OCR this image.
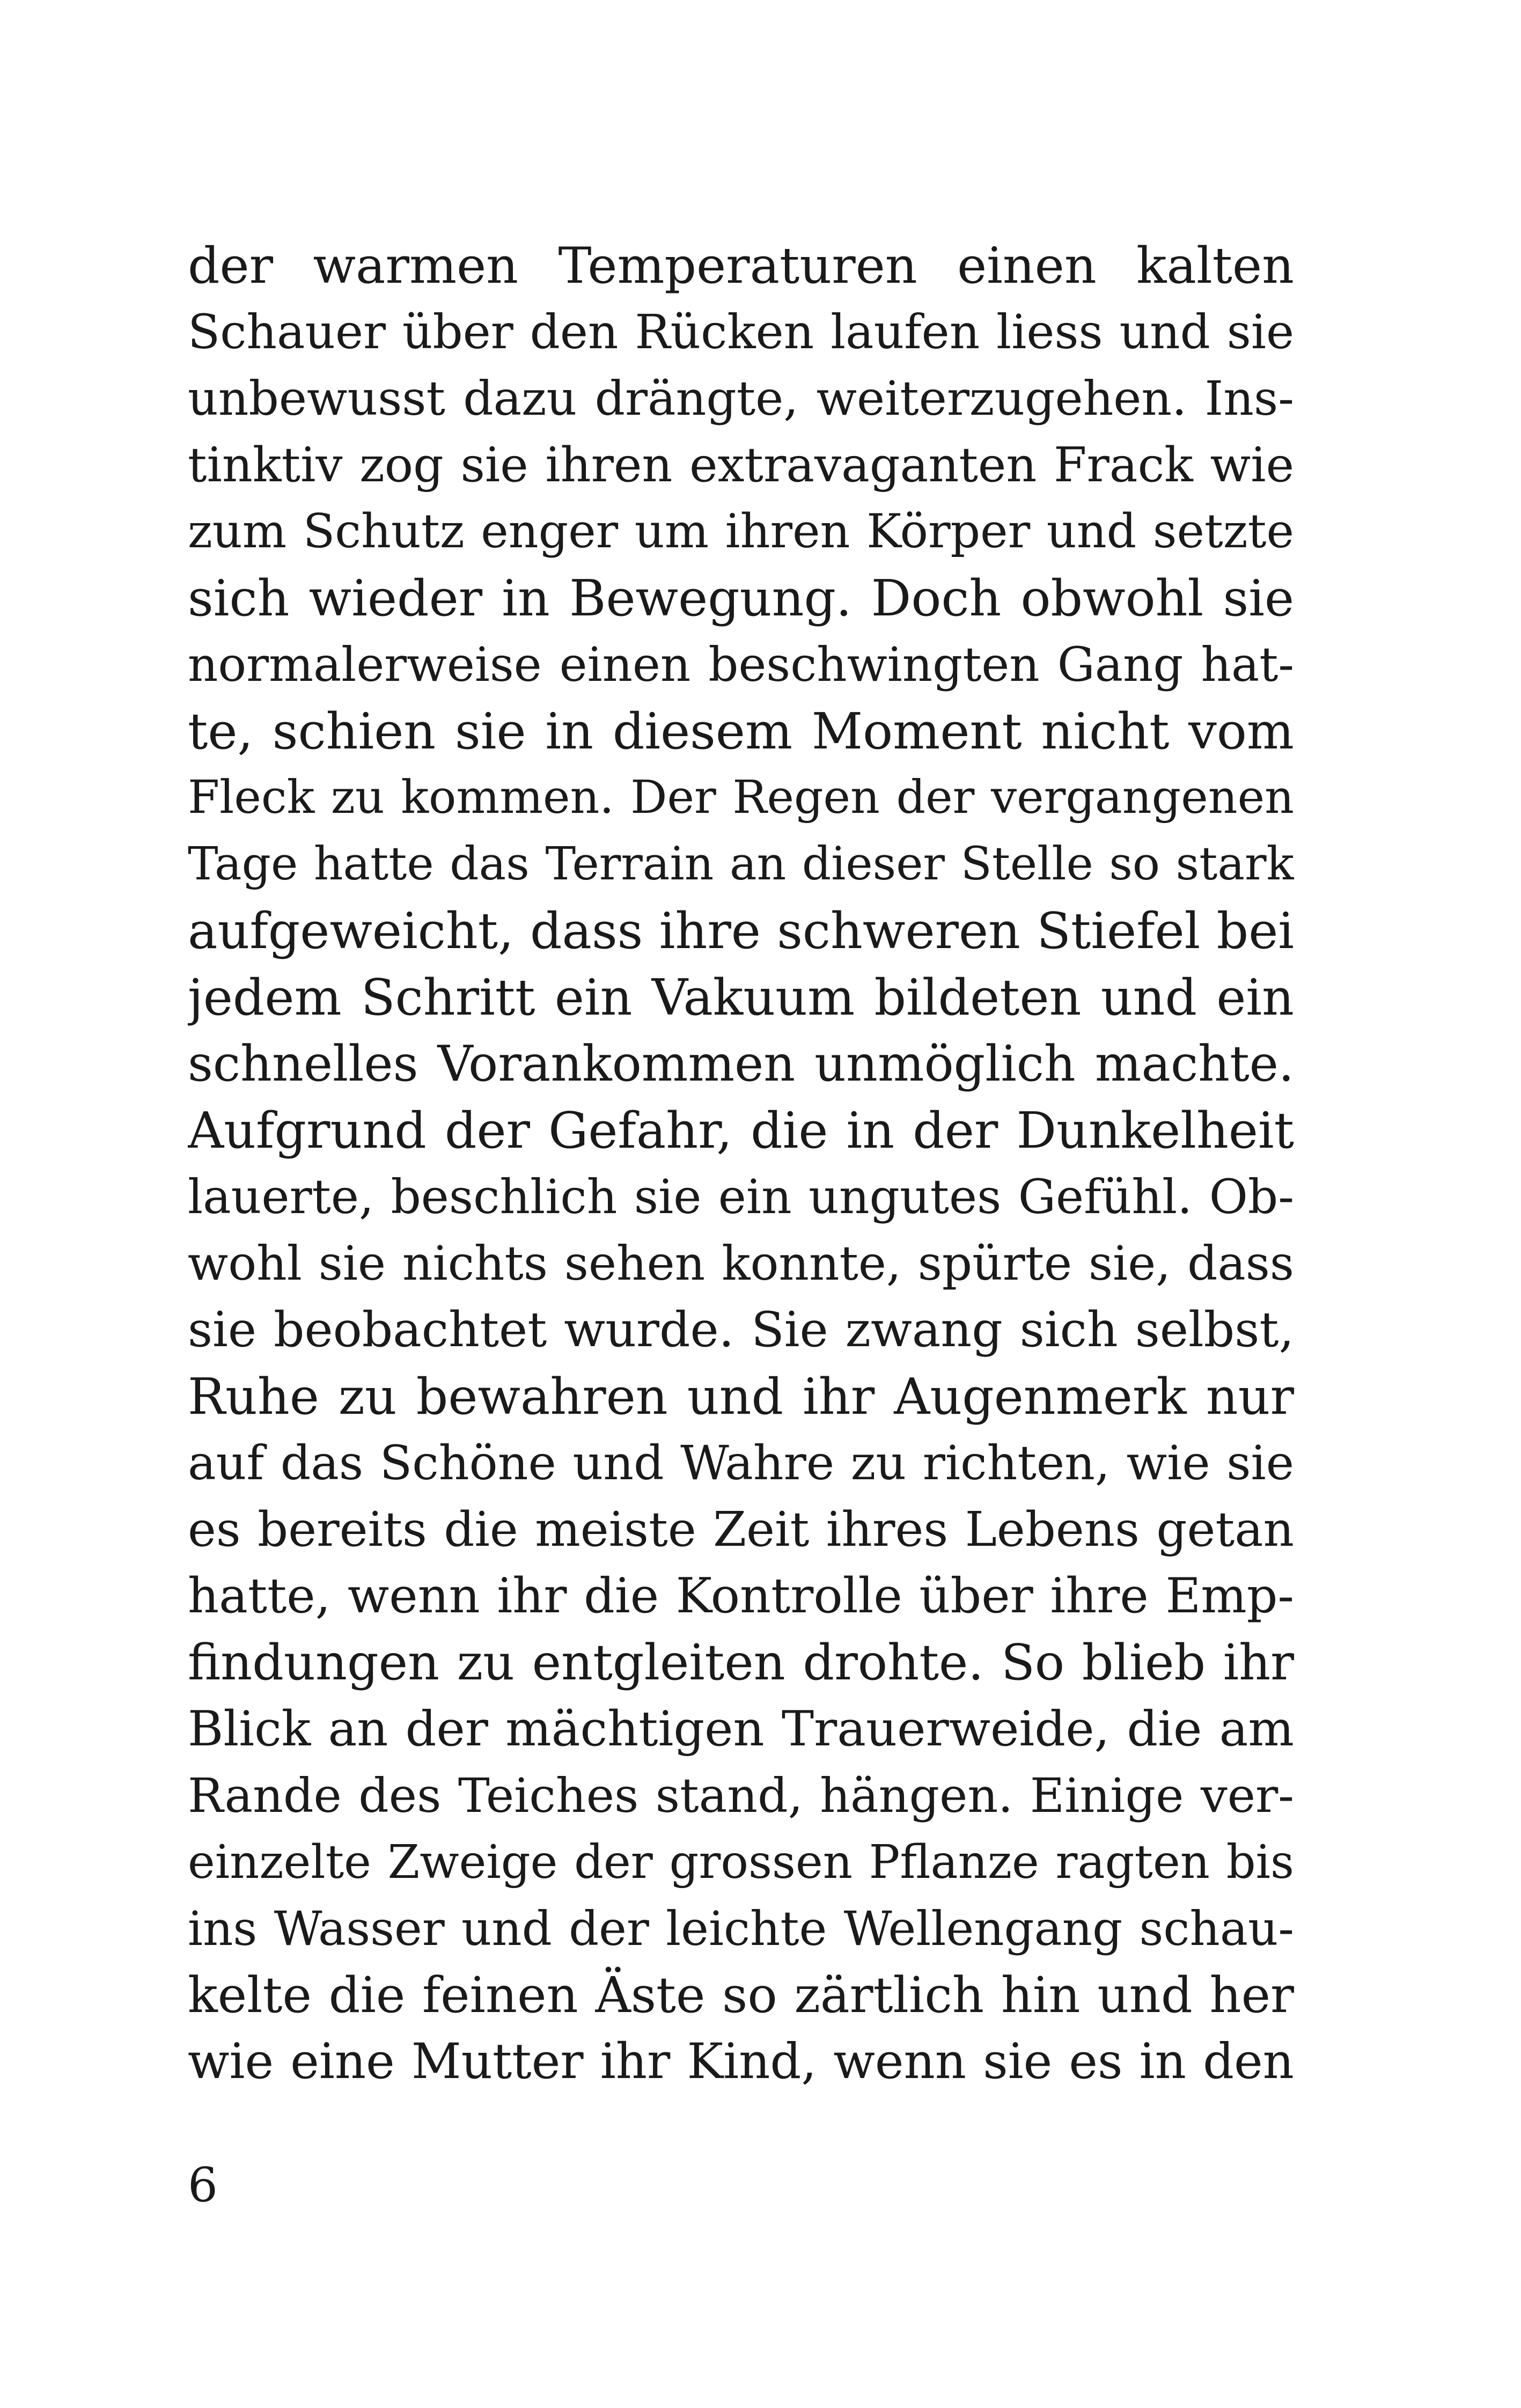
der warmen Temperaturen einen kalten
Schauer über den Rücken laufen liess und sie
unbewusst dazu drängte, weiterzugehen. Ins-
tinktiv zog sie ihren extravaganten Frack wie
zum Schutz enger um ihren Körper und setzte
sich wieder in Bewegung. Doch obwohl sie
normalerweise einen beschwingten Gang hat-
te, schien sie in diesem Moment nicht vom
Fleck zu kommen. Der Regen der vergangenen
Tage hatte das Terrain an dieser Stelle so stark
aufgeweicht, dass ihre schweren Stiefel bei
jedem Schritt ein Vakuum bildeten und ein
schnelles Vorankommen unmöglich machte.
Aufgrund der Gefahr, die in der Dunkelheit
lauerte, beschlich sie ein ungutes Gefühl. Ob-
wohl sie nichts sehen konnte, spürte sie, dass
sie beobachtet wurde. Sie zwang sich selbst,
Ruhe zu bewahren und ihr Augenmerk nur
auf das Schöne und Wahre zu richten, wie sie
es bereits die meiste Zeit ihres Lebens getan
hatte, wenn ihr die Kontrolle über ihre Emp-
findungen zu entgleiten drohte. So blieb ihr
Blick an der mächtigen Trauerweide, die am
Rande des Teiches stand, hängen. Einige ver-
einzelte Zweige der grossen Pflanze ragten bis
ins Wasser und der leichte Wellengang schau-
kelte die feinen Äste so zärtlich hin und her
wie eine Mutter ihr Kind, wenn sie es in den

6
